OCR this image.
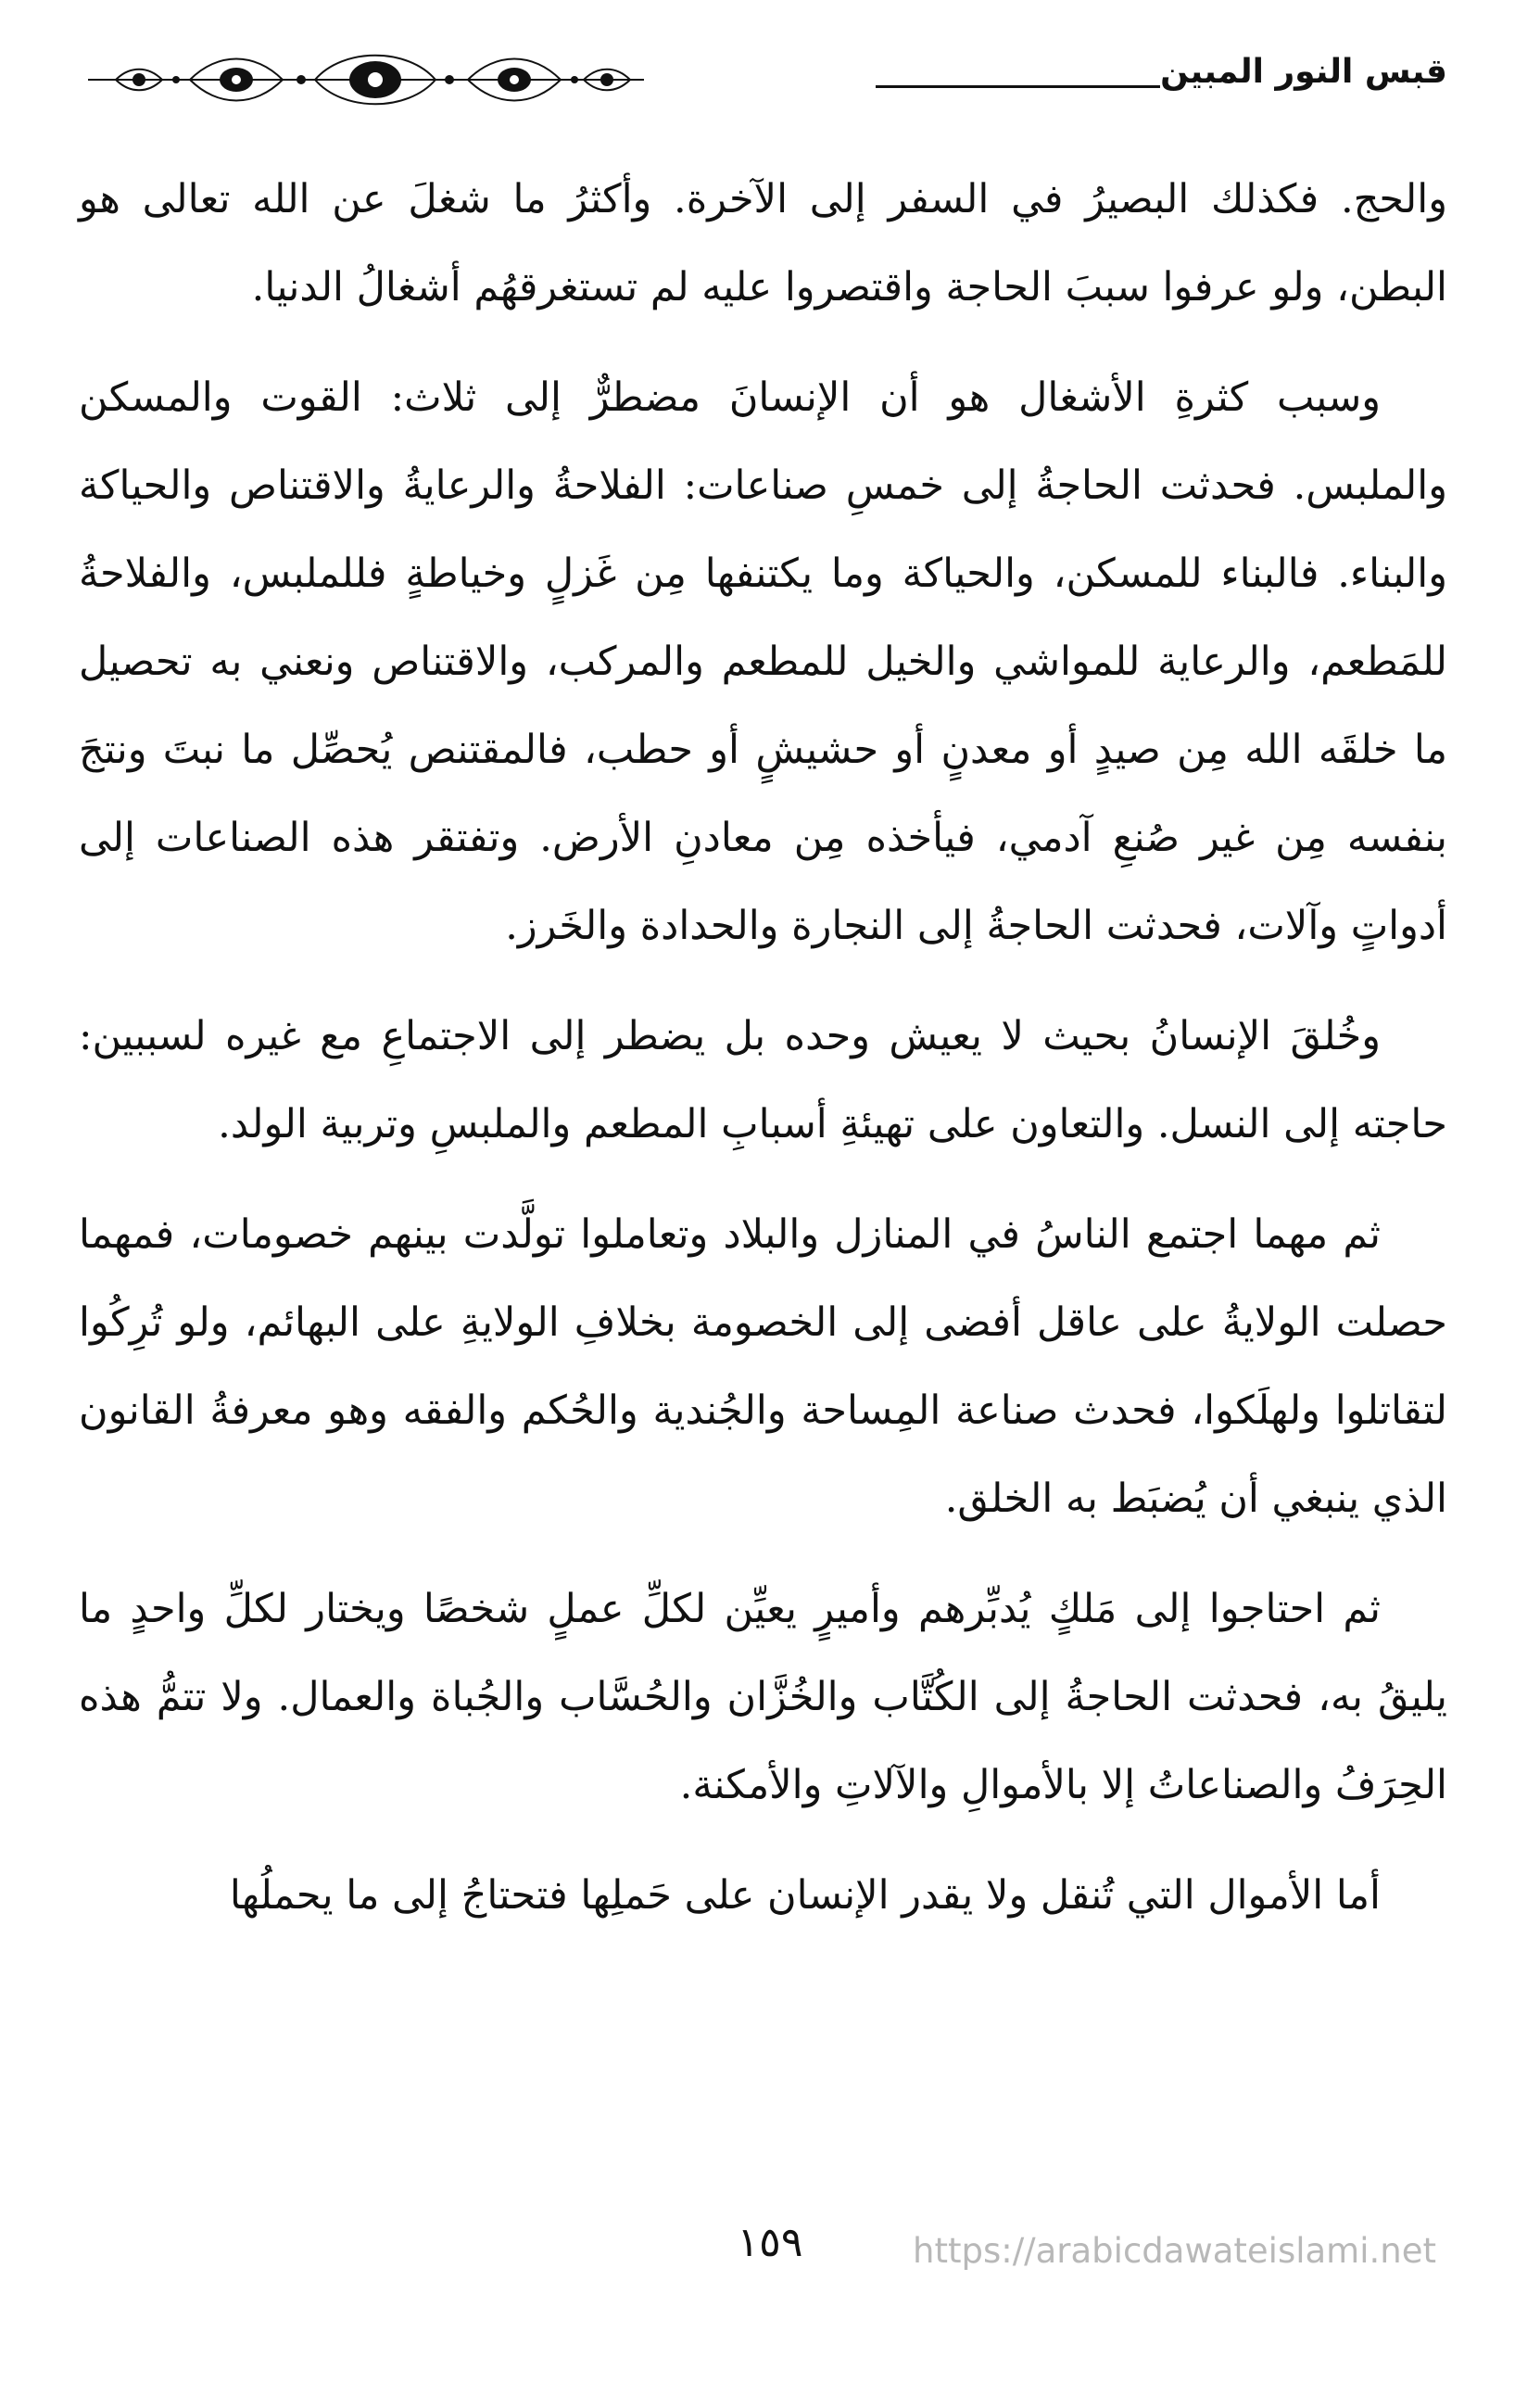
قبس النور المبين

والحج. فكذلك البصيرُ في السفر إلى الآخرة. وأكثرُ ما شغلَ عن الله تعالى هو البطن، ولو عرفوا سببَ الحاجة واقتصروا عليه لم تستغرقهُم أشغالُ الدنيا.

وسبب كثرةِ الأشغال هو أن الإنسانَ مضطرٌّ إلى ثلاث: القوت والمسكن والملبس. فحدثت الحاجةُ إلى خمسِ صناعات: الفلاحةُ والرعايةُ والاقتناص والحياكة والبناء. فالبناء للمسكن، والحياكة وما يكتنفها مِن غَزلٍ وخياطةٍ فللملبس، والفلاحةُ للمَطعم، والرعاية للمواشي والخيل للمطعم والمركب، والاقتناص ونعني به تحصيل ما خلقَه الله مِن صيدٍ أو معدنٍ أو حشيشٍ أو حطب، فالمقتنص يُحصِّل ما نبتَ ونتجَ بنفسه مِن غير صُنعِ آدمي، فيأخذه مِن معادنِ الأرض. وتفتقر هذه الصناعات إلى أدواتٍ وآلات، فحدثت الحاجةُ إلى النجارة والحدادة والخَرز.

وخُلقَ الإنسانُ بحيث لا يعيش وحده بل يضطر إلى الاجتماعِ مع غيره لسببين: حاجته إلى النسل. والتعاون على تهيئةِ أسبابِ المطعم والملبسِ وتربية الولد.

ثم مهما اجتمع الناسُ في المنازل والبلاد وتعاملوا تولَّدت بينهم خصومات، فمهما حصلت الولايةُ على عاقل أفضى إلى الخصومة بخلافِ الولايةِ على البهائم، ولو تُرِكُوا لتقاتلوا ولهلَكوا، فحدث صناعة المِساحة والجُندية والحُكم والفقه وهو معرفةُ القانون الذي ينبغي أن يُضبَط به الخلق.

ثم احتاجوا إلى مَلكٍ يُدبِّرهم وأميرٍ يعيِّن لكلِّ عملٍ شخصًا ويختار لكلِّ واحدٍ ما يليقُ به، فحدثت الحاجةُ إلى الكُتَّاب والخُزَّان والحُسَّاب والجُباة والعمال. ولا تتمُّ هذه الحِرَفُ والصناعاتُ إلا بالأموالِ والآلاتِ والأمكنة.

أما الأموال التي تُنقل ولا يقدر الإنسان على حَملِها فتحتاجُ إلى ما يحملُها

١٥٩	https://arabicdawateislami.net
